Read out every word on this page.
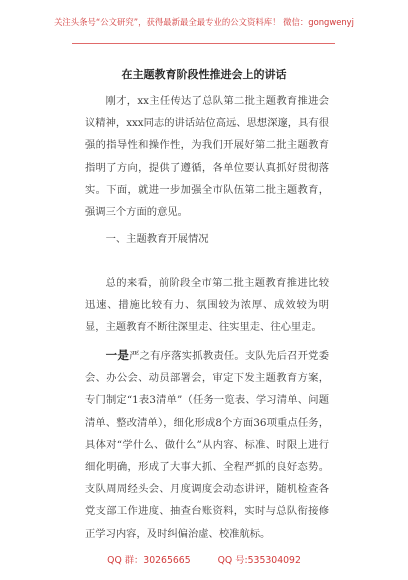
关注头条号“公文研究”，获得最新最全最专业的公文资料库！ 微信：gongwenyj
在主题教育阶段性推进会上的讲话

刚才，xx主任传达了总队第二批主题教育推进会议精神，xxx同志的讲话站位高远、思想深邃，具有很强的指导性和操作性，为我们开展好第二批主题教育指明了方向，提供了遵循，各单位要认真抓好贯彻落实。下面，就进一步加强全市队伍第二批主题教育，强调三个方面的意见。

一、主题教育开展情况

总的来看，前阶段全市第二批主题教育推进比较迅速、措施比较有力、氛围较为浓厚、成效较为明显，主题教育不断往深里走、往实里走、往心里走。

一是严之有序落实抓教责任。支队先后召开党委会、办公会、动员部署会，审定下发主题教育方案，专门制定“1表3清单”（任务一览表、学习清单、问题清单、整改清单），细化形成8个方面36项重点任务，具体对“学什么、做什么”从内容、标准、时限上进行细化明确，形成了大事大抓、全程严抓的良好态势。支队周周经头会、月度调度会动态讲评，随机检查各党支部工作进度、抽查台账资料，实时与总队衔接修正学习内容，及时纠偏治虚、校准航标。

QQ 群：30265665	QQ 号:535304092
